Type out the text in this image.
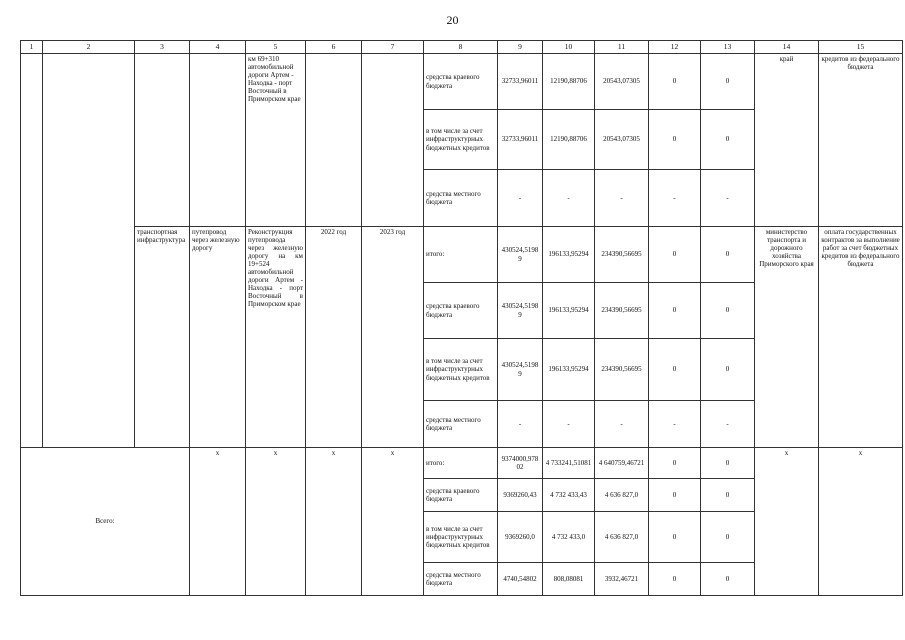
20
1	2	3	4	5	6	7	8	9	10	11	12	13	14	15
				км 69+310 автомобильной дороги Артем - Находка - порт Восточный в Приморском крае			средства краевого бюджета	32733,96011	12190,88706	20543,07305	0	0	край	кредитов из федерального бюджета
							в том числе за счет инфраструктурных бюджетных кредитов	32733,96011	12190,88706	20543,07305	0	0		
							средства местного бюджета	-	-	-	-	-		
		транспортная инфраструктура	путепровод через железную дорогу	Реконструкция путепровода через железную дорогу на км 19+524 автомобильной дороги Артем - Находка - порт Восточный в Приморском крае	2022 год	2023 год	итого:	430524,51989	196133,95294	234390,56695	0	0	министерство транспорта и дорожного хозяйства Приморского края	оплата государственных контрактов за выполнение работ за счет бюджетных кредитов из федерального бюджета
							средства краевого бюджета	430524,51989	196133,95294	234390,56695	0	0		
							в том числе за счет инфраструктурных бюджетных кредитов	430524,51989	196133,95294	234390,56695	0	0		
							средства местного бюджета	-	-	-	-	-		
Всего:			x	x	x	x	итого:	9374000,97802	4 733241,51081	4 640759,46721	0	0	x	x
							средства краевого бюджета	9369260,43	4 732 433,43	4 636 827,0	0	0		
							в том числе за счет инфраструктурных бюджетных кредитов	9369260,0	4 732 433,0	4 636 827,0	0	0		
							средства местного бюджета	4740,54802	808,08081	3932,46721	0	0		
